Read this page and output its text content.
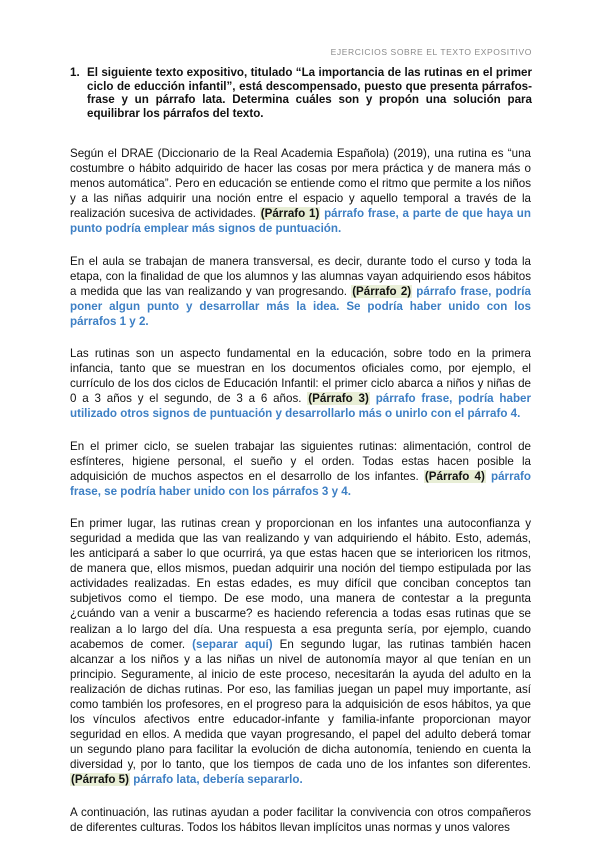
EJERCICIOS SOBRE EL TEXTO EXPOSITIVO
1. El siguiente texto expositivo, titulado “La importancia de las rutinas en el primer ciclo de educción infantil”, está descompensado, puesto que presenta párrafos-frase y un párrafo lata. Determina cuáles son y propón una solución para equilibrar los párrafos del texto.

Según el DRAE (Diccionario de la Real Academia Española) (2019), una rutina es “una costumbre o hábito adquirido de hacer las cosas por mera práctica y de manera más o menos automática”. Pero en educación se entiende como el ritmo que permite a los niños y a las niñas adquirir una noción entre el espacio y aquello temporal a través de la realización sucesiva de actividades. (Párrafo 1) párrafo frase, a parte de que haya un punto podría emplear más signos de puntuación.

En el aula se trabajan de manera transversal, es decir, durante todo el curso y toda la etapa, con la finalidad de que los alumnos y las alumnas vayan adquiriendo esos hábitos a medida que las van realizando y van progresando. (Párrafo 2) párrafo frase, podría poner algun punto y desarrollar más la idea. Se podría haber unido con los párrafos 1 y 2.

Las rutinas son un aspecto fundamental en la educación, sobre todo en la primera infancia, tanto que se muestran en los documentos oficiales como, por ejemplo, el currículo de los dos ciclos de Educación Infantil: el primer ciclo abarca a niños y niñas de 0 a 3 años y el segundo, de 3 a 6 años. (Párrafo 3) párrafo frase, podría haber utilizado otros signos de puntuación y desarrollarlo más o unirlo con el párrafo 4.

En el primer ciclo, se suelen trabajar las siguientes rutinas: alimentación, control de esfínteres, higiene personal, el sueño y el orden. Todas estas hacen posible la adquisición de muchos aspectos en el desarrollo de los infantes. (Párrafo 4) párrafo frase, se podría haber unido con los párrafos 3 y 4.

En primer lugar, las rutinas crean y proporcionan en los infantes una autoconfianza y seguridad a medida que las van realizando y van adquiriendo el hábito. Esto, además, les anticipará a saber lo que ocurrirá, ya que estas hacen que se interioricen los ritmos, de manera que, ellos mismos, puedan adquirir una noción del tiempo estipulada por las actividades realizadas. En estas edades, es muy difícil que conciban conceptos tan subjetivos como el tiempo. De ese modo, una manera de contestar a la pregunta ¿cuándo van a venir a buscarme? es haciendo referencia a todas esas rutinas que se realizan a lo largo del día. Una respuesta a esa pregunta sería, por ejemplo, cuando acabemos de comer. (separar aquí) En segundo lugar, las rutinas también hacen alcanzar a los niños y a las niñas un nivel de autonomía mayor al que tenían en un principio. Seguramente, al inicio de este proceso, necesitarán la ayuda del adulto en la realización de dichas rutinas. Por eso, las familias juegan un papel muy importante, así como también los profesores, en el progreso para la adquisición de esos hábitos, ya que los vínculos afectivos entre educador-infante y familia-infante proporcionan mayor seguridad en ellos. A medida que vayan progresando, el papel del adulto deberá tomar un segundo plano para facilitar la evolución de dicha autonomía, teniendo en cuenta la diversidad y, por lo tanto, que los tiempos de cada uno de los infantes son diferentes. (Párrafo 5) párrafo lata, debería separarlo.

A continuación, las rutinas ayudan a poder facilitar la convivencia con otros compañeros de diferentes culturas. Todos los hábitos llevan implícitos unas normas y unos valores
